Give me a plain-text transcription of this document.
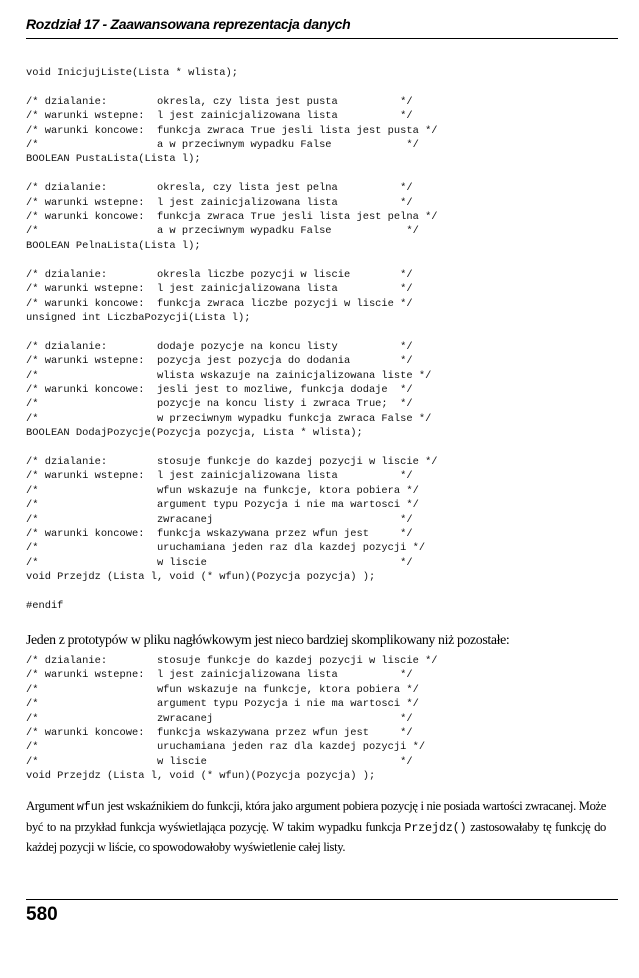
Rozdział 17 - Zaawansowana reprezentacja danych
void InicjujListe(Lista * wlista);

/* dzialanie:        okresla, czy lista jest pusta          */
/* warunki wstepne:  l jest zainicjalizowana lista          */
/* warunki koncowe:  funkcja zwraca True jesli lista jest pusta */
/*                   a w przeciwnym wypadku False            */
BOOLEAN PustaLista(Lista l);

/* dzialanie:        okresla, czy lista jest pelna          */
/* warunki wstepne:  l jest zainicjalizowana lista          */
/* warunki koncowe:  funkcja zwraca True jesli lista jest pelna */
/*                   a w przeciwnym wypadku False            */
BOOLEAN PelnaLista(Lista l);

/* dzialanie:        okresla liczbe pozycji w liscie        */
/* warunki wstepne:  l jest zainicjalizowana lista          */
/* warunki koncowe:  funkcja zwraca liczbe pozycji w liscie */
unsigned int LiczbaPozycji(Lista l);

/* dzialanie:        dodaje pozycje na koncu listy          */
/* warunki wstepne:  pozycja jest pozycja do dodania        */
/*                   wlista wskazuje na zainicjalizowana liste */
/* warunki koncowe:  jesli jest to mozliwe, funkcja dodaje  */
/*                   pozycje na koncu listy i zwraca True;  */
/*                   w przeciwnym wypadku funkcja zwraca False */
BOOLEAN DodajPozycje(Pozycja pozycja, Lista * wlista);

/* dzialanie:        stosuje funkcje do kazdej pozycji w liscie */
/* warunki wstepne:  l jest zainicjalizowana lista          */
/*                   wfun wskazuje na funkcje, ktora pobiera */
/*                   argument typu Pozycja i nie ma wartosci */
/*                   zwracanej                              */
/* warunki koncowe:  funkcja wskazywana przez wfun jest     */
/*                   uruchamiana jeden raz dla kazdej pozycji */
/*                   w liscie                               */
void Przejdz (Lista l, void (* wfun)(Pozycja pozycja) );

#endif

Jeden z prototypów w pliku nagłówkowym jest nieco bardziej skomplikowany niż pozostałe:

/* dzialanie:        stosuje funkcje do kazdej pozycji w liscie */
/* warunki wstepne:  l jest zainicjalizowana lista          */
/*                   wfun wskazuje na funkcje, ktora pobiera */
/*                   argument typu Pozycja i nie ma wartosci */
/*                   zwracanej                              */
/* warunki koncowe:  funkcja wskazywana przez wfun jest     */
/*                   uruchamiana jeden raz dla kazdej pozycji */
/*                   w liscie                               */
void Przejdz (Lista l, void (* wfun)(Pozycja pozycja) );

Argument wfun jest wskaźnikiem do funkcji, która jako argument pobiera pozycję i nie posiada wartości zwracanej. Może być to na przykład funkcja wyświetlająca pozycję. W takim wypadku funkcja Przejdz() zastosowałaby tę funkcję do każdej pozycji w liście, co spowodowałoby wyświetlenie całej listy.

580
